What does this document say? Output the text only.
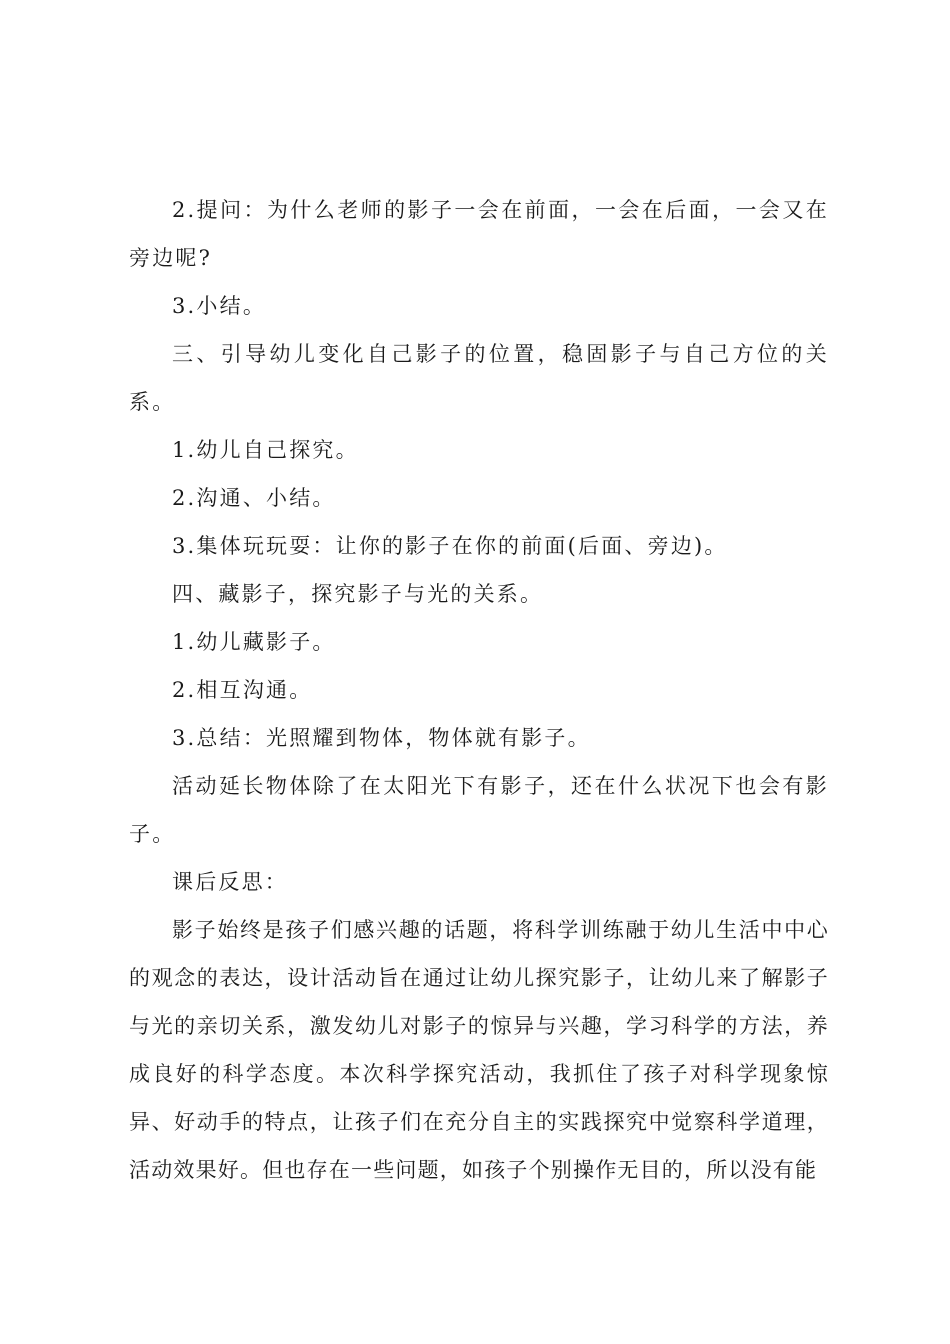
2.提问：为什么老师的影子一会在前面，一会在后面，一会又在旁边呢?

3.小结。

三、引导幼儿变化自己影子的位置，稳固影子与自己方位的关系。

1.幼儿自己探究。

2.沟通、小结。

3.集体玩玩耍：让你的影子在你的前面(后面、旁边)。

四、藏影子，探究影子与光的关系。

1.幼儿藏影子。

2.相互沟通。

3.总结：光照耀到物体，物体就有影子。

活动延长物体除了在太阳光下有影子，还在什么状况下也会有影子。

课后反思：

影子始终是孩子们感兴趣的话题，将科学训练融于幼儿生活中中心的观念的表达，设计活动旨在通过让幼儿探究影子，让幼儿来了解影子与光的亲切关系，激发幼儿对影子的惊异与兴趣，学习科学的方法，养成良好的科学态度。本次科学探究活动，我抓住了孩子对科学现象惊异、好动手的特点，让孩子们在充分自主的实践探究中觉察科学道理，活动效果好。但也存在一些问题，如孩子个别操作无目的，所以没有能
